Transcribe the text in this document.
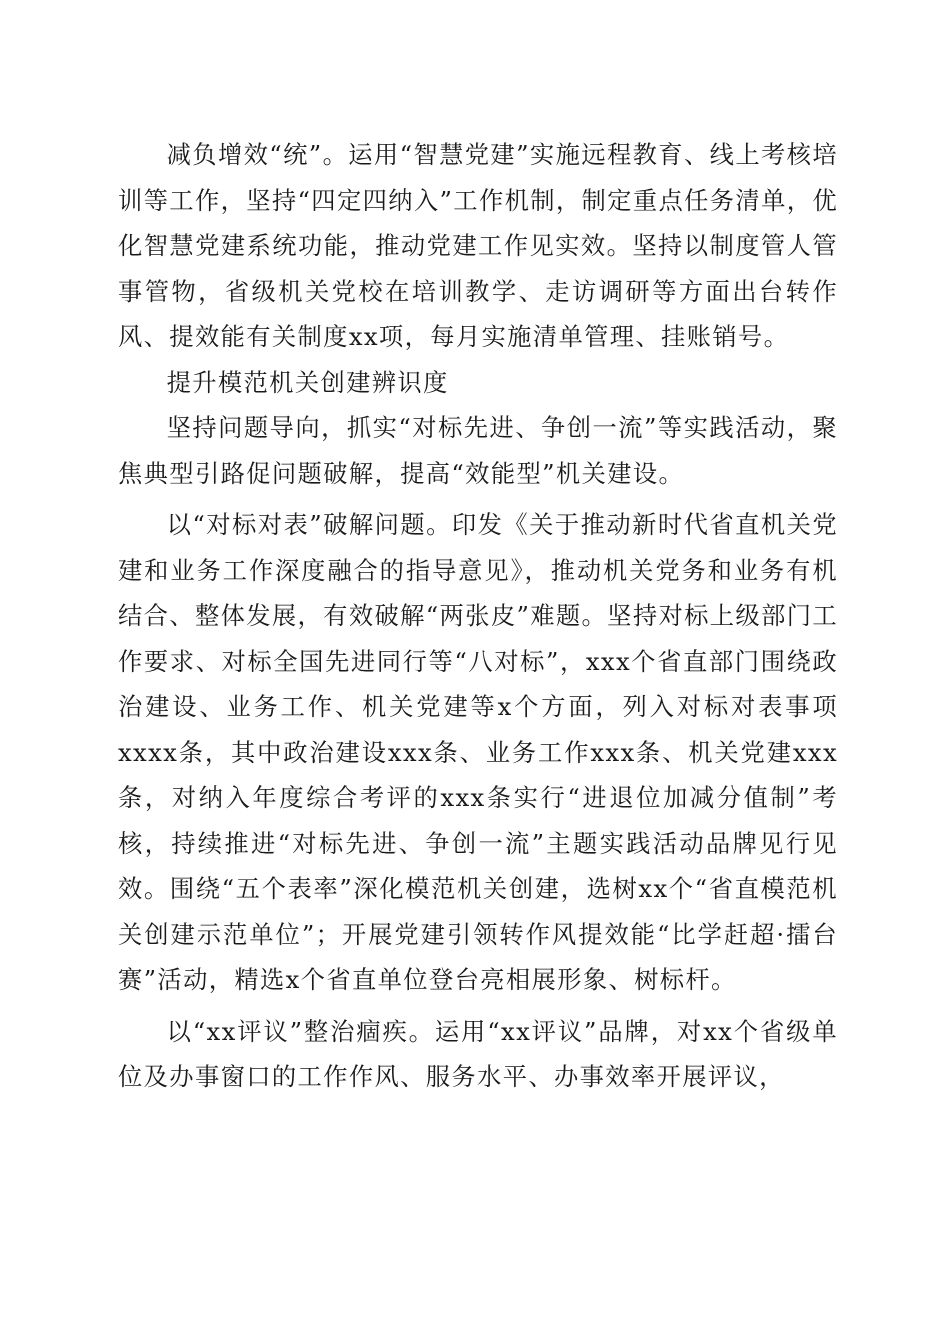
减负增效“统”。运用“智慧党建”实施远程教育、线上考核培训等工作，坚持“四定四纳入”工作机制，制定重点任务清单，优化智慧党建系统功能，推动党建工作见实效。坚持以制度管人管事管物，省级机关党校在培训教学、走访调研等方面出台转作风、提效能有关制度xx项，每月实施清单管理、挂账销号。

提升模范机关创建辨识度

坚持问题导向，抓实“对标先进、争创一流”等实践活动，聚焦典型引路促问题破解，提高“效能型”机关建设。

以“对标对表”破解问题。印发《关于推动新时代省直机关党建和业务工作深度融合的指导意见》，推动机关党务和业务有机结合、整体发展，有效破解“两张皮”难题。坚持对标上级部门工作要求、对标全国先进同行等“八对标”，xxx个省直部门围绕政治建设、业务工作、机关党建等x个方面，列入对标对表事项xxxx条，其中政治建设xxx条、业务工作xxx条、机关党建xxx条，对纳入年度综合考评的xxx条实行“进退位加减分值制”考核，持续推进“对标先进、争创一流”主题实践活动品牌见行见效。围绕“五个表率”深化模范机关创建，选树xx个“省直模范机关创建示范单位”；开展党建引领转作风提效能“比学赶超·擂台赛”活动，精选x个省直单位登台亮相展形象、树标杆。

以“xx评议”整治痼疾。运用“xx评议”品牌，对xx个省级单位及办事窗口的工作作风、服务水平、办事效率开展评议，
